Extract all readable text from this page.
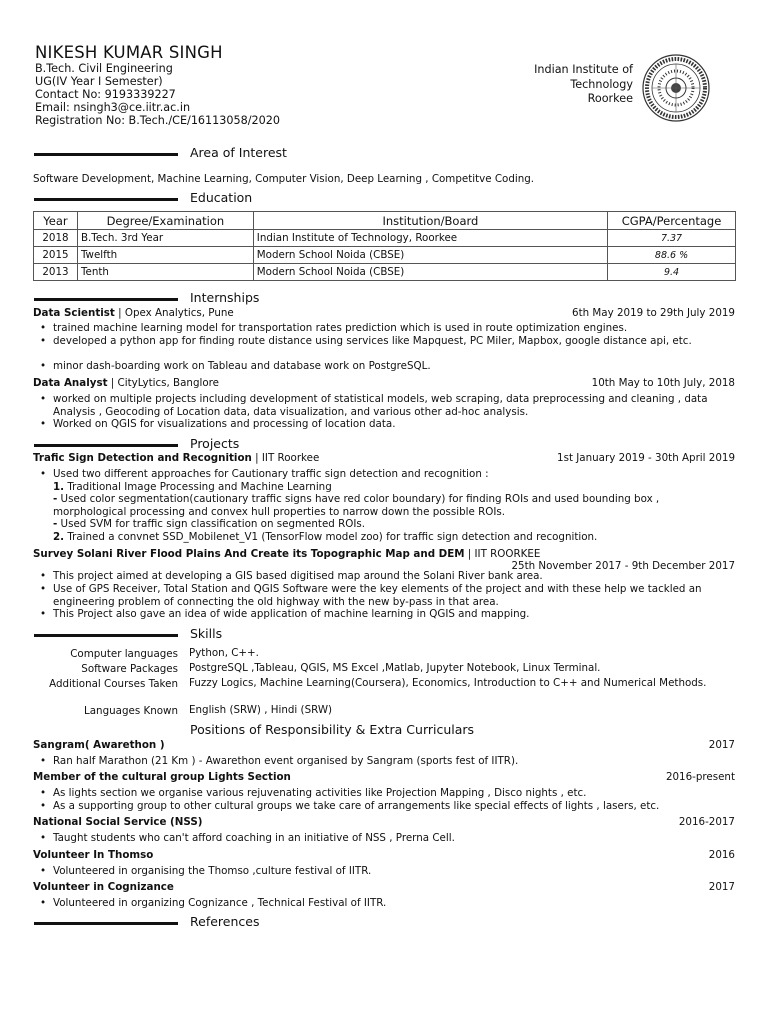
NIKESH KUMAR SINGH
B.Tech. Civil Engineering
UG(IV Year I Semester)
Contact No: 9193339227
Email: nsingh3@ce.iitr.ac.in
Registration No: B.Tech./CE/16113058/2020
Indian Institute of
Technology
Roorkee
Area of Interest
Software Development, Machine Learning, Computer Vision, Deep Learning , Competitve Coding.
Education
Year	Degree/Examination	Institution/Board	CGPA/Percentage
2018	B.Tech. 3rd Year	Indian Institute of Technology, Roorkee	7.37
2015	Twelfth	Modern School Noida (CBSE)	88.6 %
2013	Tenth	Modern School Noida (CBSE)	9.4
Internships
Data Scientist | Opex Analytics, Pune	6th May 2019 to 29th July 2019
• trained machine learning model for transportation rates prediction which is used in route optimization engines.
• developed a python app for finding route distance using services like Mapquest, PC Miler, Mapbox, google distance api, etc.
• minor dash-boarding work on Tableau and database work on PostgreSQL.
Data Analyst | CityLytics, Banglore	10th May to 10th July, 2018
• worked on multiple projects including development of statistical models, web scraping, data preprocessing and cleaning , data Analysis , Geocoding of Location data, data visualization, and various other ad-hoc analysis.
• Worked on QGIS for visualizations and processing of location data.
Projects
Trafic Sign Detection and Recognition | IIT Roorkee	1st January 2019 - 30th April 2019
• Used two different approaches for Cautionary traffic sign detection and recognition :
1. Traditional Image Processing and Machine Learning
- Used color segmentation(cautionary traffic signs have red color boundary) for finding ROIs and used bounding box ,
morphological processing and convex hull properties to narrow down the possible ROIs.
- Used SVM for traffic sign classification on segmented ROIs.
2. Trained a convnet SSD_Mobilenet_V1 (TensorFlow model zoo) for traffic sign detection and recognition.
Survey Solani River Flood Plains And Create its Topographic Map and DEM | IIT ROORKEE
25th November 2017 - 9th December 2017
• This project aimed at developing a GIS based digitised map around the Solani River bank area.
• Use of GPS Receiver, Total Station and QGIS Software were the key elements of the project and with these help we tackled an engineering problem of connecting the old highway with the new by-pass in that area.
• This Project also gave an idea of wide application of machine learning in QGIS and mapping.
Skills
Computer languages Python, C++.
Software Packages PostgreSQL ,Tableau, QGIS, MS Excel ,Matlab, Jupyter Notebook, Linux Terminal.
Additional Courses Taken Fuzzy Logics, Machine Learning(Coursera), Economics, Introduction to C++ and Numerical Methods.
Languages Known English (SRW) , Hindi (SRW)
Positions of Responsibility & Extra Curriculars
Sangram( Awarethon )	2017
• Ran half Marathon (21 Km ) - Awarethon event organised by Sangram (sports fest of IITR).
Member of the cultural group Lights Section	2016-present
• As lights section we organise various rejuvenating activities like Projection Mapping , Disco nights , etc.
• As a supporting group to other cultural groups we take care of arrangements like special effects of lights , lasers, etc.
National Social Service (NSS)	2016-2017
• Taught students who can't afford coaching in an initiative of NSS , Prerna Cell.
Volunteer In Thomso	2016
• Volunteered in organising the Thomso ,culture festival of IITR.
Volunteer in Cognizance	2017
• Volunteered in organizing Cognizance , Technical Festival of IITR.
References
